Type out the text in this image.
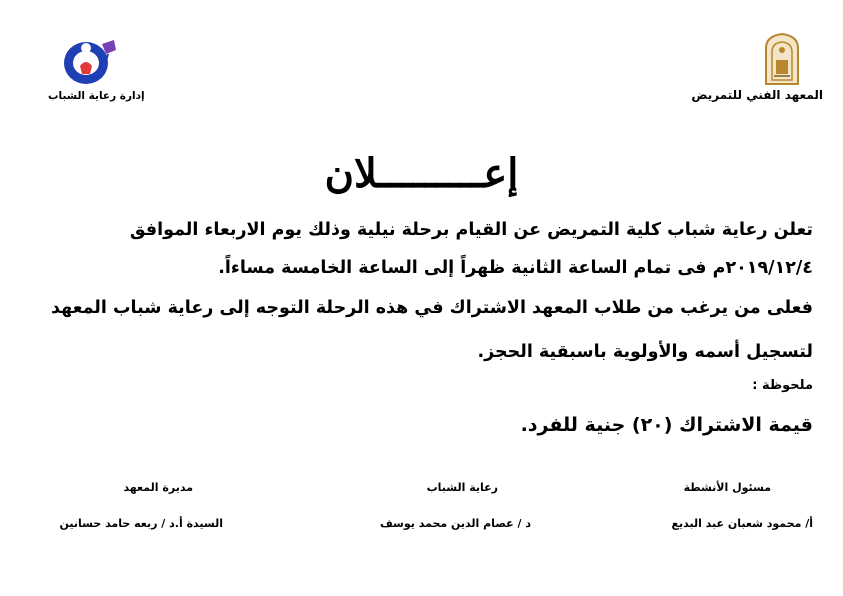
المعهد الفني للتمريض
إدارة رعاية الشباب
إعـــــــــلان
تعلن رعاية شباب كلية التمريض عن القيام برحلة نيلية وذلك يوم الاربعاء الموافق
٢٠١٩/١٢/٤م فى تمام الساعة الثانية ظهراً إلى الساعة الخامسة مساءاً.
فعلى من يرغب من طلاب المعهد الاشتراك في هذه الرحلة التوجه إلى رعاية شباب المعهد
لتسجيل أسمه والأولوية باسبقية الحجز.
ملحوظة :
قيمة الاشتراك (٢٠) جنية للفرد.
مسئول الأنشطة
رعاية الشباب
مديرة المعهد
أ/ محمود شعبان عبد البديع
د / عصام الدين محمد يوسف
السيدة أ.د / ربعه حامد حسانين
